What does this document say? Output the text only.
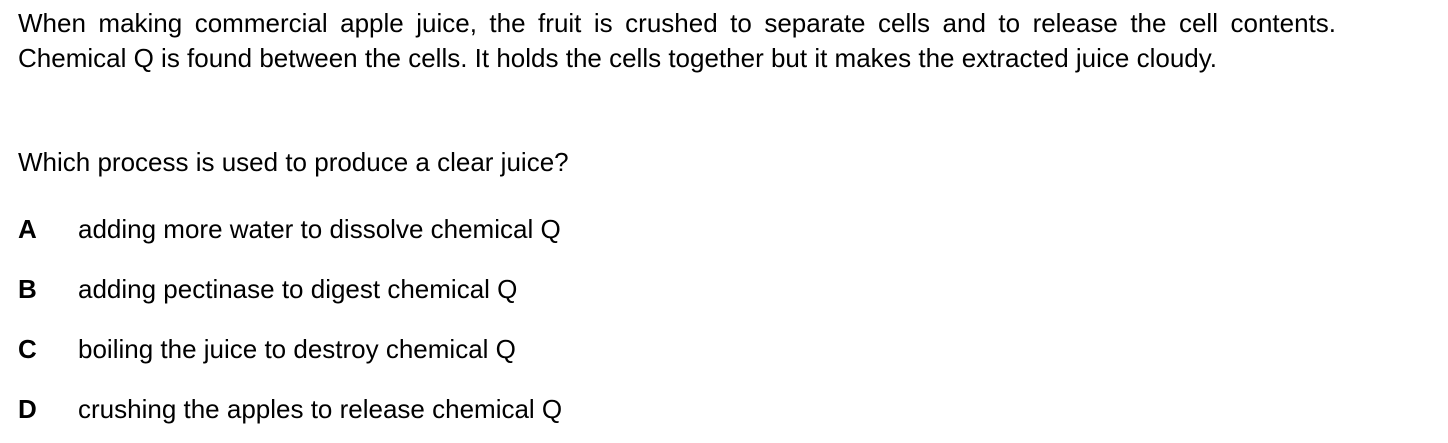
When making commercial apple juice, the fruit is crushed to separate cells and to release the cell contents. Chemical Q is found between the cells. It holds the cells together but it makes the extracted juice cloudy.

Which process is used to produce a clear juice?

A adding more water to dissolve chemical Q
B adding pectinase to digest chemical Q
C boiling the juice to destroy chemical Q
D crushing the apples to release chemical Q
